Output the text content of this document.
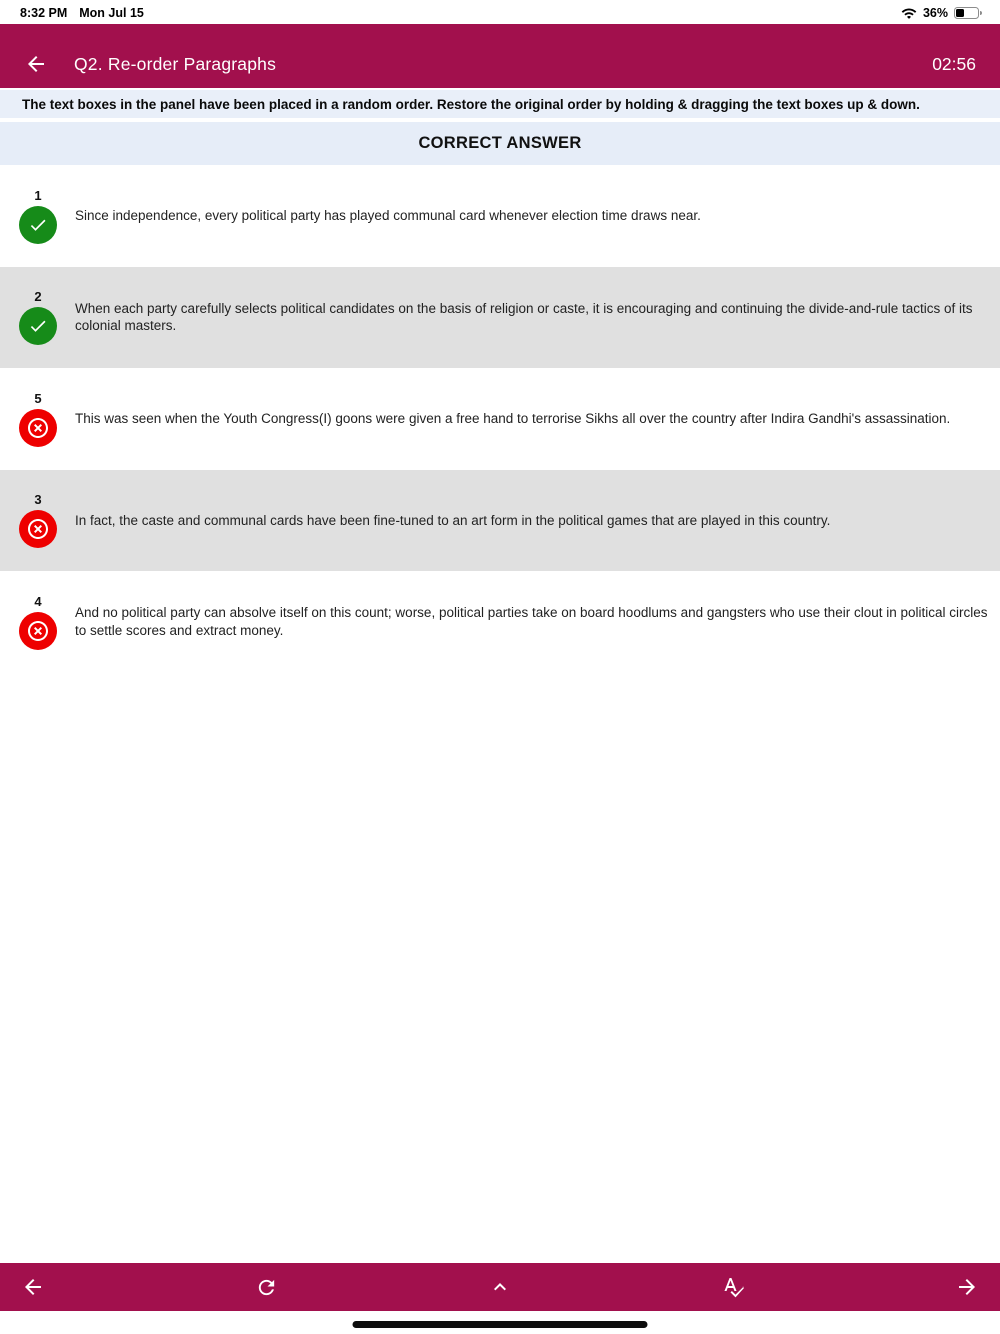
8:32 PM Mon Jul 15	36%
Q2. Re-order Paragraphs	02:56
The text boxes in the panel have been placed in a random order. Restore the original order by holding & dragging the text boxes up & down.
CORRECT ANSWER
1
Since independence, every political party has played communal card whenever election time draws near.
2
When each party carefully selects political candidates on the basis of religion or caste, it is encouraging and continuing the divide-and-rule tactics of its colonial masters.
5
This was seen when the Youth Congress(I) goons were given a free hand to terrorise Sikhs all over the country after Indira Gandhi's assassination.
3
In fact, the caste and communal cards have been fine-tuned to an art form in the political games that are played in this country.
4
And no political party can absolve itself on this count; worse, political parties take on board hoodlums and gangsters who use their clout in political circles to settle scores and extract money.
